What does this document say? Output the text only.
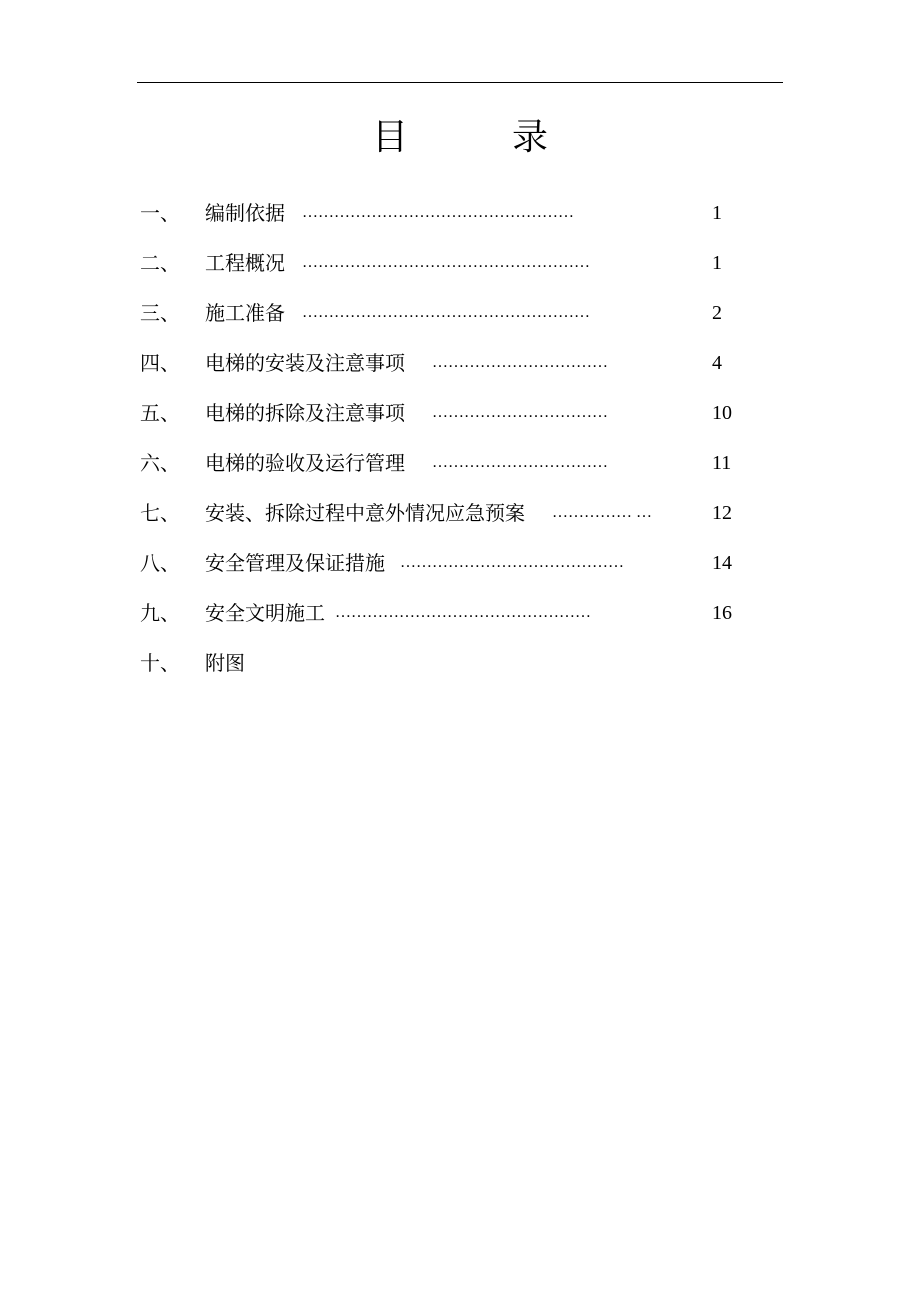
目　录
一、 编制依据 ……………………………………………	1
二、 工程概况 ………………………………………………	1
三、 施工准备 ………………………………………………	2
四、 电梯的安装及注意事项 ……………………………	4
五、 电梯的拆除及注意事项 ……………………………	10
六、 电梯的验收及运行管理 ……………………………	11
七、 安装、拆除过程中意外情况应急预案 …………… …	12
八、 安全管理及保证措施 ……………………………………	14
九、 安全文明施工 …………………………………………	16
十、 附图
